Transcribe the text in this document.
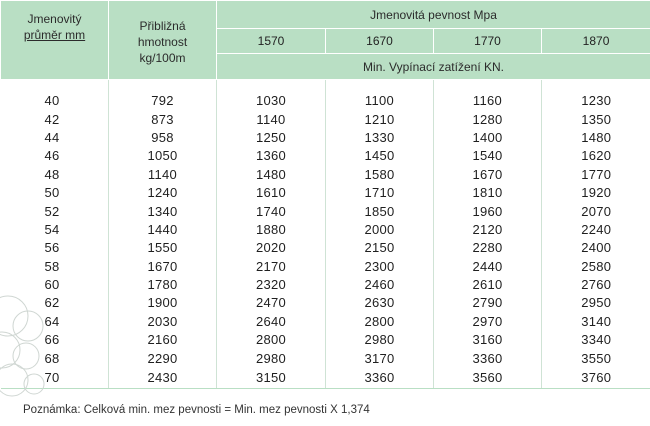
Jmenovitý
průměr mm	Přibližná
hmotnost
kg/100m	Jmenovitá pevnost Mpa			
		1570	1670	1770	1870
		Min. Vypínací zatížení KN.			

40	792	1030	1100	1160	1230
42	873	1140	1210	1280	1350
44	958	1250	1330	1400	1480
46	1050	1360	1450	1540	1620
48	1140	1480	1580	1670	1770
50	1240	1610	1710	1810	1920
52	1340	1740	1850	1960	2070
54	1440	1880	2000	2120	2240
56	1550	2020	2150	2280	2400
58	1670	2170	2300	2440	2580
60	1780	2320	2460	2610	2760
62	1900	2470	2630	2790	2950
64	2030	2640	2800	2970	3140
66	2160	2800	2980	3160	3340
68	2290	2980	3170	3360	3550
70	2430	3150	3360	3560	3760
Poznámka: Celková min. mez pevnosti = Min. mez pevnosti X 1,374
